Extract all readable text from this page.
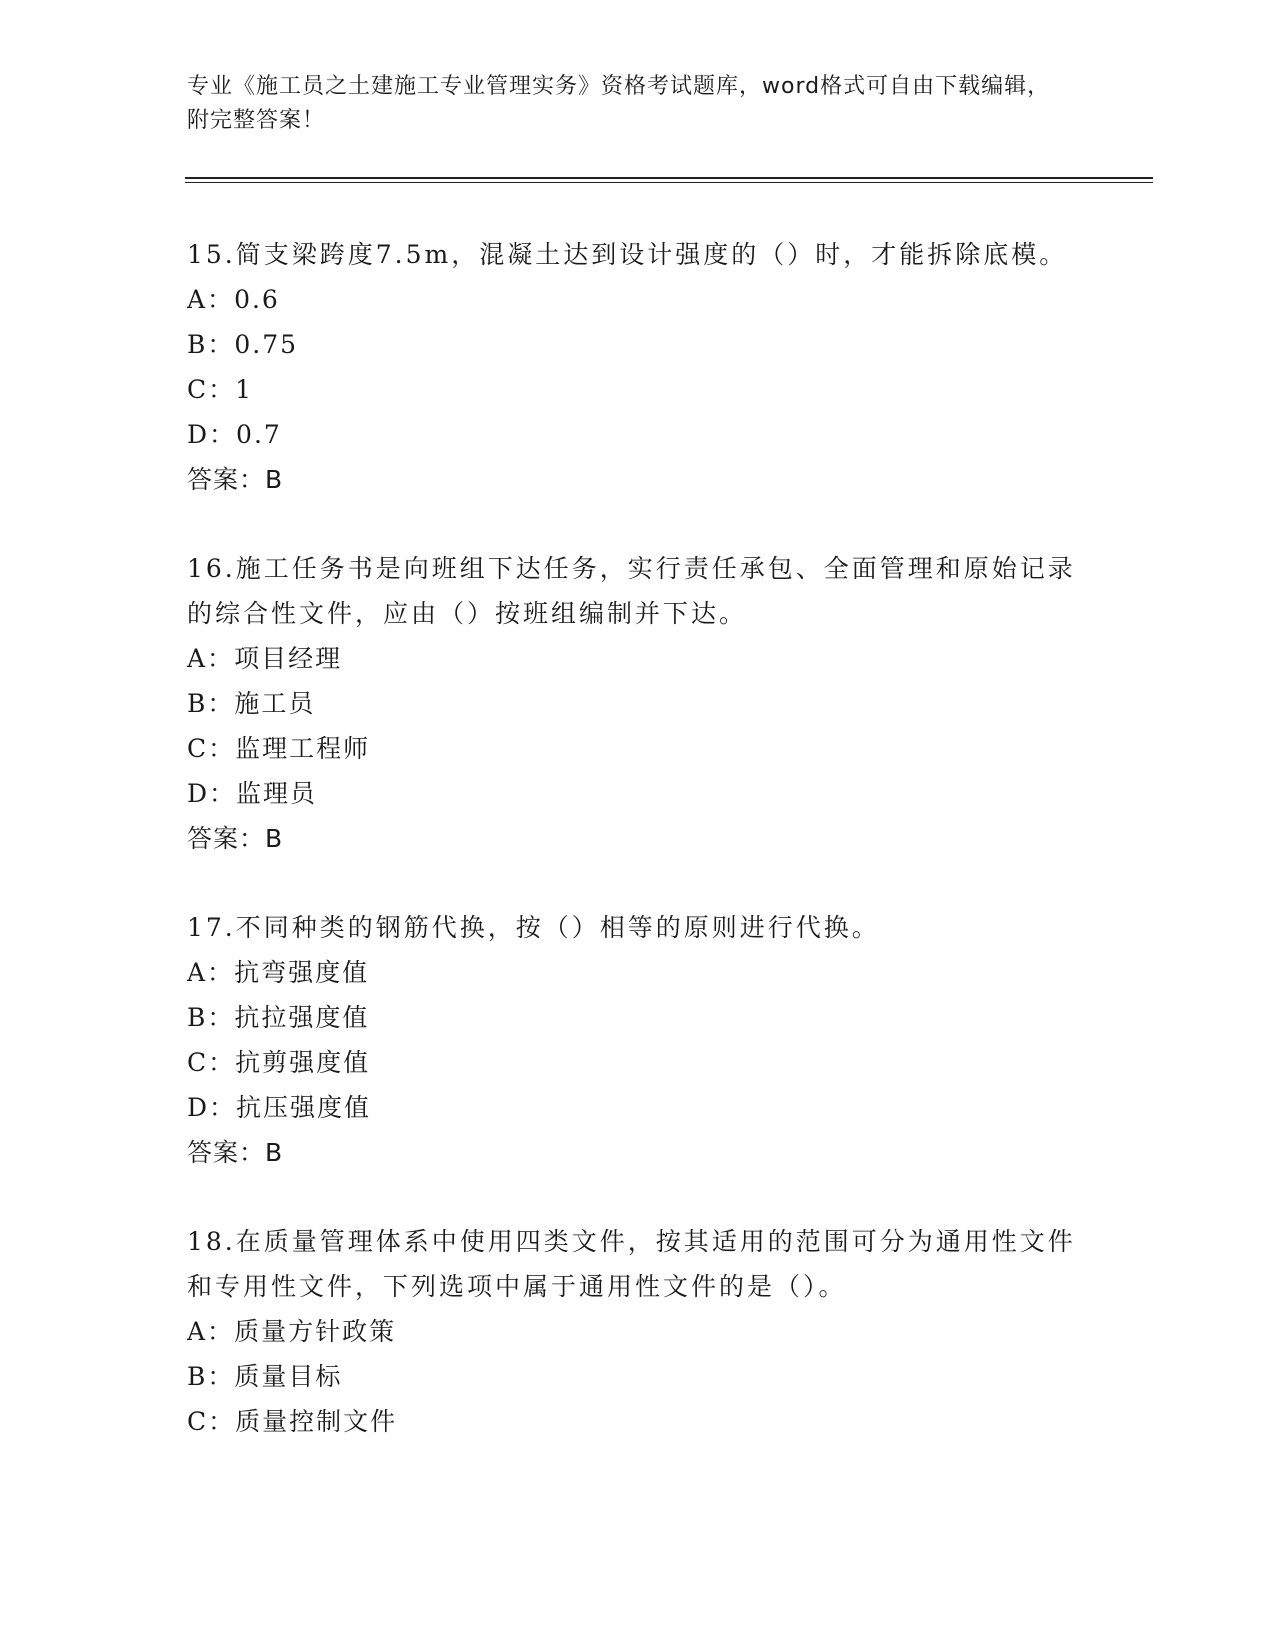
专业《施工员之土建施工专业管理实务》资格考试题库，word格式可自由下载编辑，附完整答案！

15.简支梁跨度7.5m，混凝土达到设计强度的（）时，才能拆除底模。

A：0.6
B：0.75
C：1
D：0.7
答案：B

16.施工任务书是向班组下达任务，实行责任承包、全面管理和原始记录的综合性文件，应由（）按班组编制并下达。

A：项目经理
B：施工员
C：监理工程师
D：监理员
答案：B

17.不同种类的钢筋代换，按（）相等的原则进行代换。

A：抗弯强度值
B：抗拉强度值
C：抗剪强度值
D：抗压强度值
答案：B

18.在质量管理体系中使用四类文件，按其适用的范围可分为通用性文件和专用性文件，下列选项中属于通用性文件的是（）。

A：质量方针政策
B：质量目标
C：质量控制文件
